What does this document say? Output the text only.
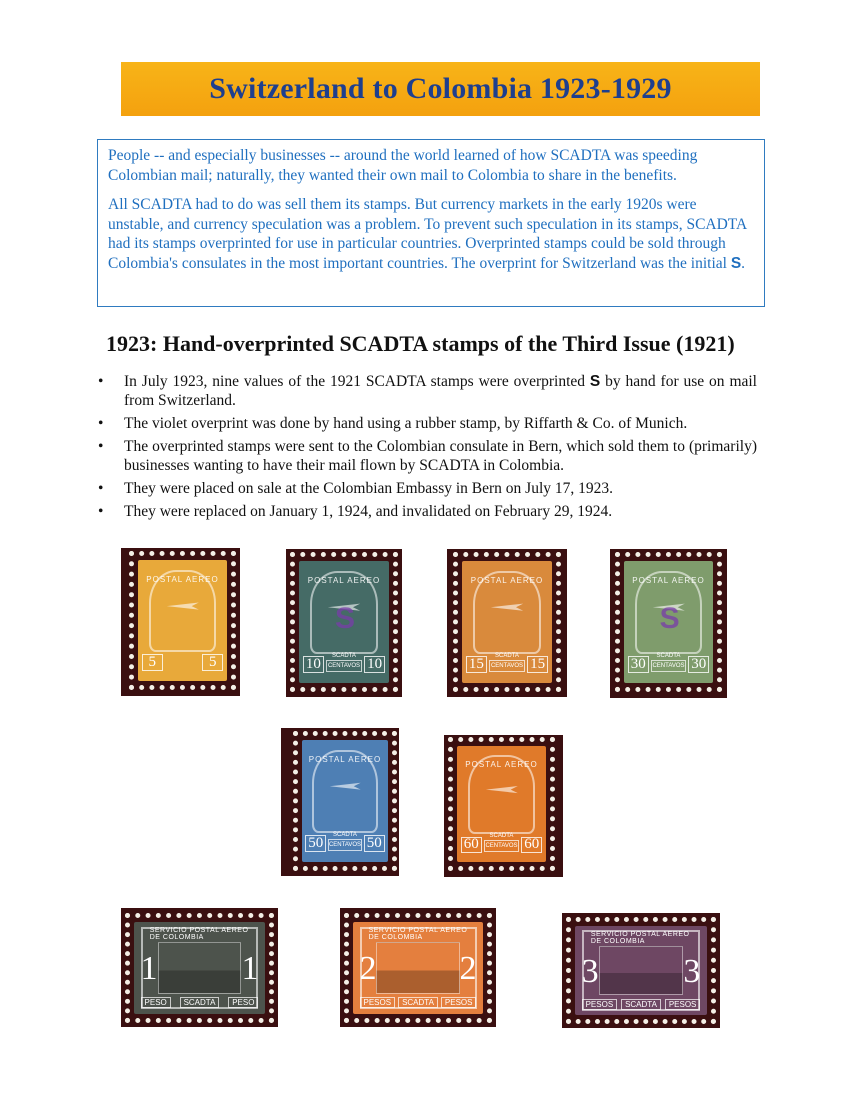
Switzerland to Colombia 1923-1929

People -- and especially businesses -- around the world learned of how SCADTA was speeding Colombian mail; naturally, they wanted their own mail to Colombia to share in the benefits.

All SCADTA had to do was sell them its stamps. But currency markets in the early 1920s were unstable, and currency speculation was a problem. To prevent such speculation in its stamps, SCADTA had its stamps overprinted for use in particular countries. Overprinted stamps could be sold through Colombia's consulates in the most important countries. The overprint for Switzerland was the initial S.

1923: Hand-overprinted SCADTA stamps of the Third Issue (1921)
• In July 1923, nine values of the 1921 SCADTA stamps were overprinted S by hand for use on mail from Switzerland.
• The violet overprint was done by hand using a rubber stamp, by Riffarth & Co. of Munich.
• The overprinted stamps were sent to the Colombian consulate in Bern, which sold them to (primarily) businesses wanting to have their mail flown by SCADTA in Colombia.
• They were placed on sale at the Colombian Embassy in Bern on July 17, 1923.
• They were replaced on January 1, 1924, and invalidated on February 29, 1924.
POSTAL AEREO
5	5
POSTAL AEREO
S
SCADTA
10	CENTAVOS 10
POSTAL AEREO
SCADTA
15	CENTAVOS 15
POSTAL AEREO
S
SCADTA
30	CENTAVOS 30
POSTAL AEREO
SCADTA
50 CENTAVOS 50
POSTAL AEREO
SCADTA
60	CENTAVOS 60
SERVICIO POSTAL AEREO DE COLOMBIA
1 1
PESO	SCADTA	PESO
SERVICIO POSTAL AEREO DE COLOMBIA
2 2
PESOS	SCADTA	PESOS
SERVICIO POSTAL AEREO DE COLOMBIA
3 3
PESOS	SCADTA	PESOS
